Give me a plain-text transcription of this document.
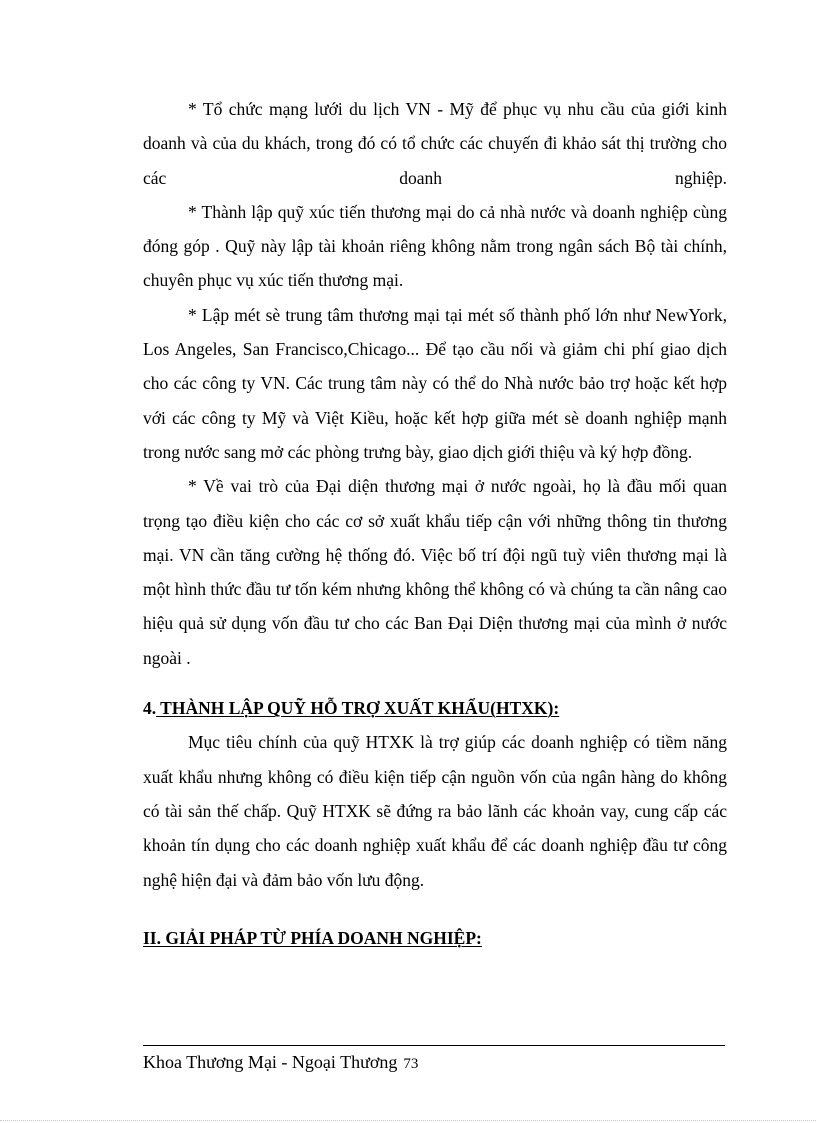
* Tổ chức mạng lưới du lịch VN - Mỹ để phục vụ nhu cầu của giới kinh doanh và của du khách, trong đó có tổ chức các chuyến đi khảo sát thị trường cho các doanh nghiệp.

* Thành lập quỹ xúc tiến thương mại do cả nhà nước và doanh nghiệp cùng đóng góp . Quỹ này lập tài khoản riêng không nằm trong ngân sách Bộ tài chính, chuyên phục vụ xúc tiến thương mại.

* Lập mét sè trung tâm thương mại tại mét số thành phố lớn như NewYork, Los Angeles, San Francisco,Chicago... Để tạo cầu nối và giảm chi phí giao dịch cho các công ty VN. Các trung tâm này có thể do Nhà nước bảo trợ hoặc kết hợp với các công ty Mỹ và Việt Kiều, hoặc kết hợp giữa mét sè doanh nghiệp mạnh trong nước sang mở các phòng trưng bày, giao dịch giới thiệu và ký hợp đồng.

* Về vai trò của Đại diện thương mại ở nước ngoài, họ là đầu mối quan trọng tạo điều kiện cho các cơ sở xuất khẩu tiếp cận với những thông tin thương mại. VN cần tăng cường hệ thống đó. Việc bố trí đội ngũ tuỳ viên thương mại là một hình thức đầu tư tốn kém nhưng không thể không có và chúng ta cần nâng cao hiệu quả sử dụng vốn đầu tư cho các Ban Đại Diện thương mại của mình ở nước ngoài .

4. THÀNH LẬP QUỸ HỖ TRỢ XUẤT KHẨU(HTXK):

Mục tiêu chính của quỹ HTXK là trợ giúp các doanh nghiệp có tiềm năng xuất khẩu nhưng không có điều kiện tiếp cận nguồn vốn của ngân hàng do không có tài sản thế chấp. Quỹ HTXK sẽ đứng ra bảo lãnh các khoản vay, cung cấp các khoản tín dụng cho các doanh nghiệp xuất khẩu để các doanh nghiệp đầu tư công nghệ hiện đại và đảm bảo vốn lưu động.

II. GIẢI PHÁP TỪ PHÍA DOANH NGHIỆP:

Khoa Thương Mại - Ngoại Thương 73
